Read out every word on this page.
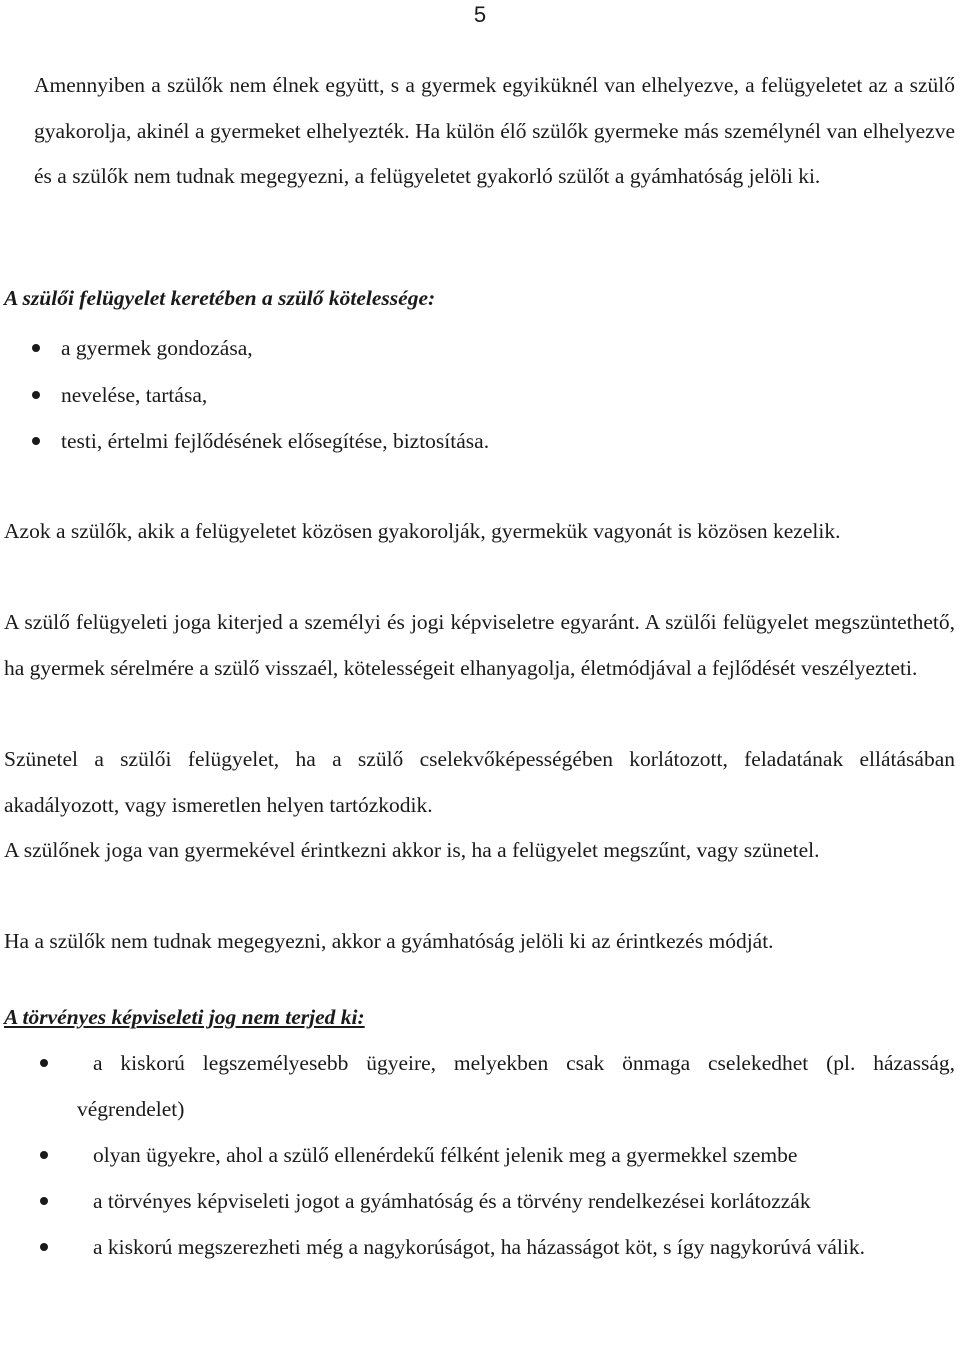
5

Amennyiben a szülők nem élnek együtt, s a gyermek egyiküknél van elhelyezve, a felügyeletet az a szülő gyakorolja, akinél a gyermeket elhelyezték. Ha külön élő szülők gyermeke más személynél van elhelyezve és a szülők nem tudnak megegyezni, a felügyeletet gyakorló szülőt a gyámhatóság jelöli ki.

A szülői felügyelet keretében a szülő kötelessége:
a gyermek gondozása,
nevelése, tartása,
testi, értelmi fejlődésének elősegítése, biztosítása.

Azok a szülők, akik a felügyeletet közösen gyakorolják, gyermekük vagyonát is közösen kezelik.

A szülő felügyeleti joga kiterjed a személyi és jogi képviseletre egyaránt. A szülői felügyelet megszüntethető, ha gyermek sérelmére a szülő visszaél, kötelességeit elhanyagolja, életmódjával a fejlődését veszélyezteti.

Szünetel a szülői felügyelet, ha a szülő cselekvőképességében korlátozott, feladatának ellátásában akadályozott, vagy ismeretlen helyen tartózkodik.

A szülőnek joga van gyermekével érintkezni akkor is, ha a felügyelet megszűnt, vagy szünetel.

Ha a szülők nem tudnak megegyezni, akkor a gyámhatóság jelöli ki az érintkezés módját.

A törvényes képviseleti jog nem terjed ki:
a kiskorú legszemélyesebb ügyeire, melyekben csak önmaga cselekedhet (pl. házasság, végrendelet)
olyan ügyekre, ahol a szülő ellenérdekű félként jelenik meg a gyermekkel szembe
a törvényes képviseleti jogot a gyámhatóság és a törvény rendelkezései korlátozzák
a kiskorú megszerezheti még a nagykorúságot, ha házasságot köt, s így nagykorúvá válik.
